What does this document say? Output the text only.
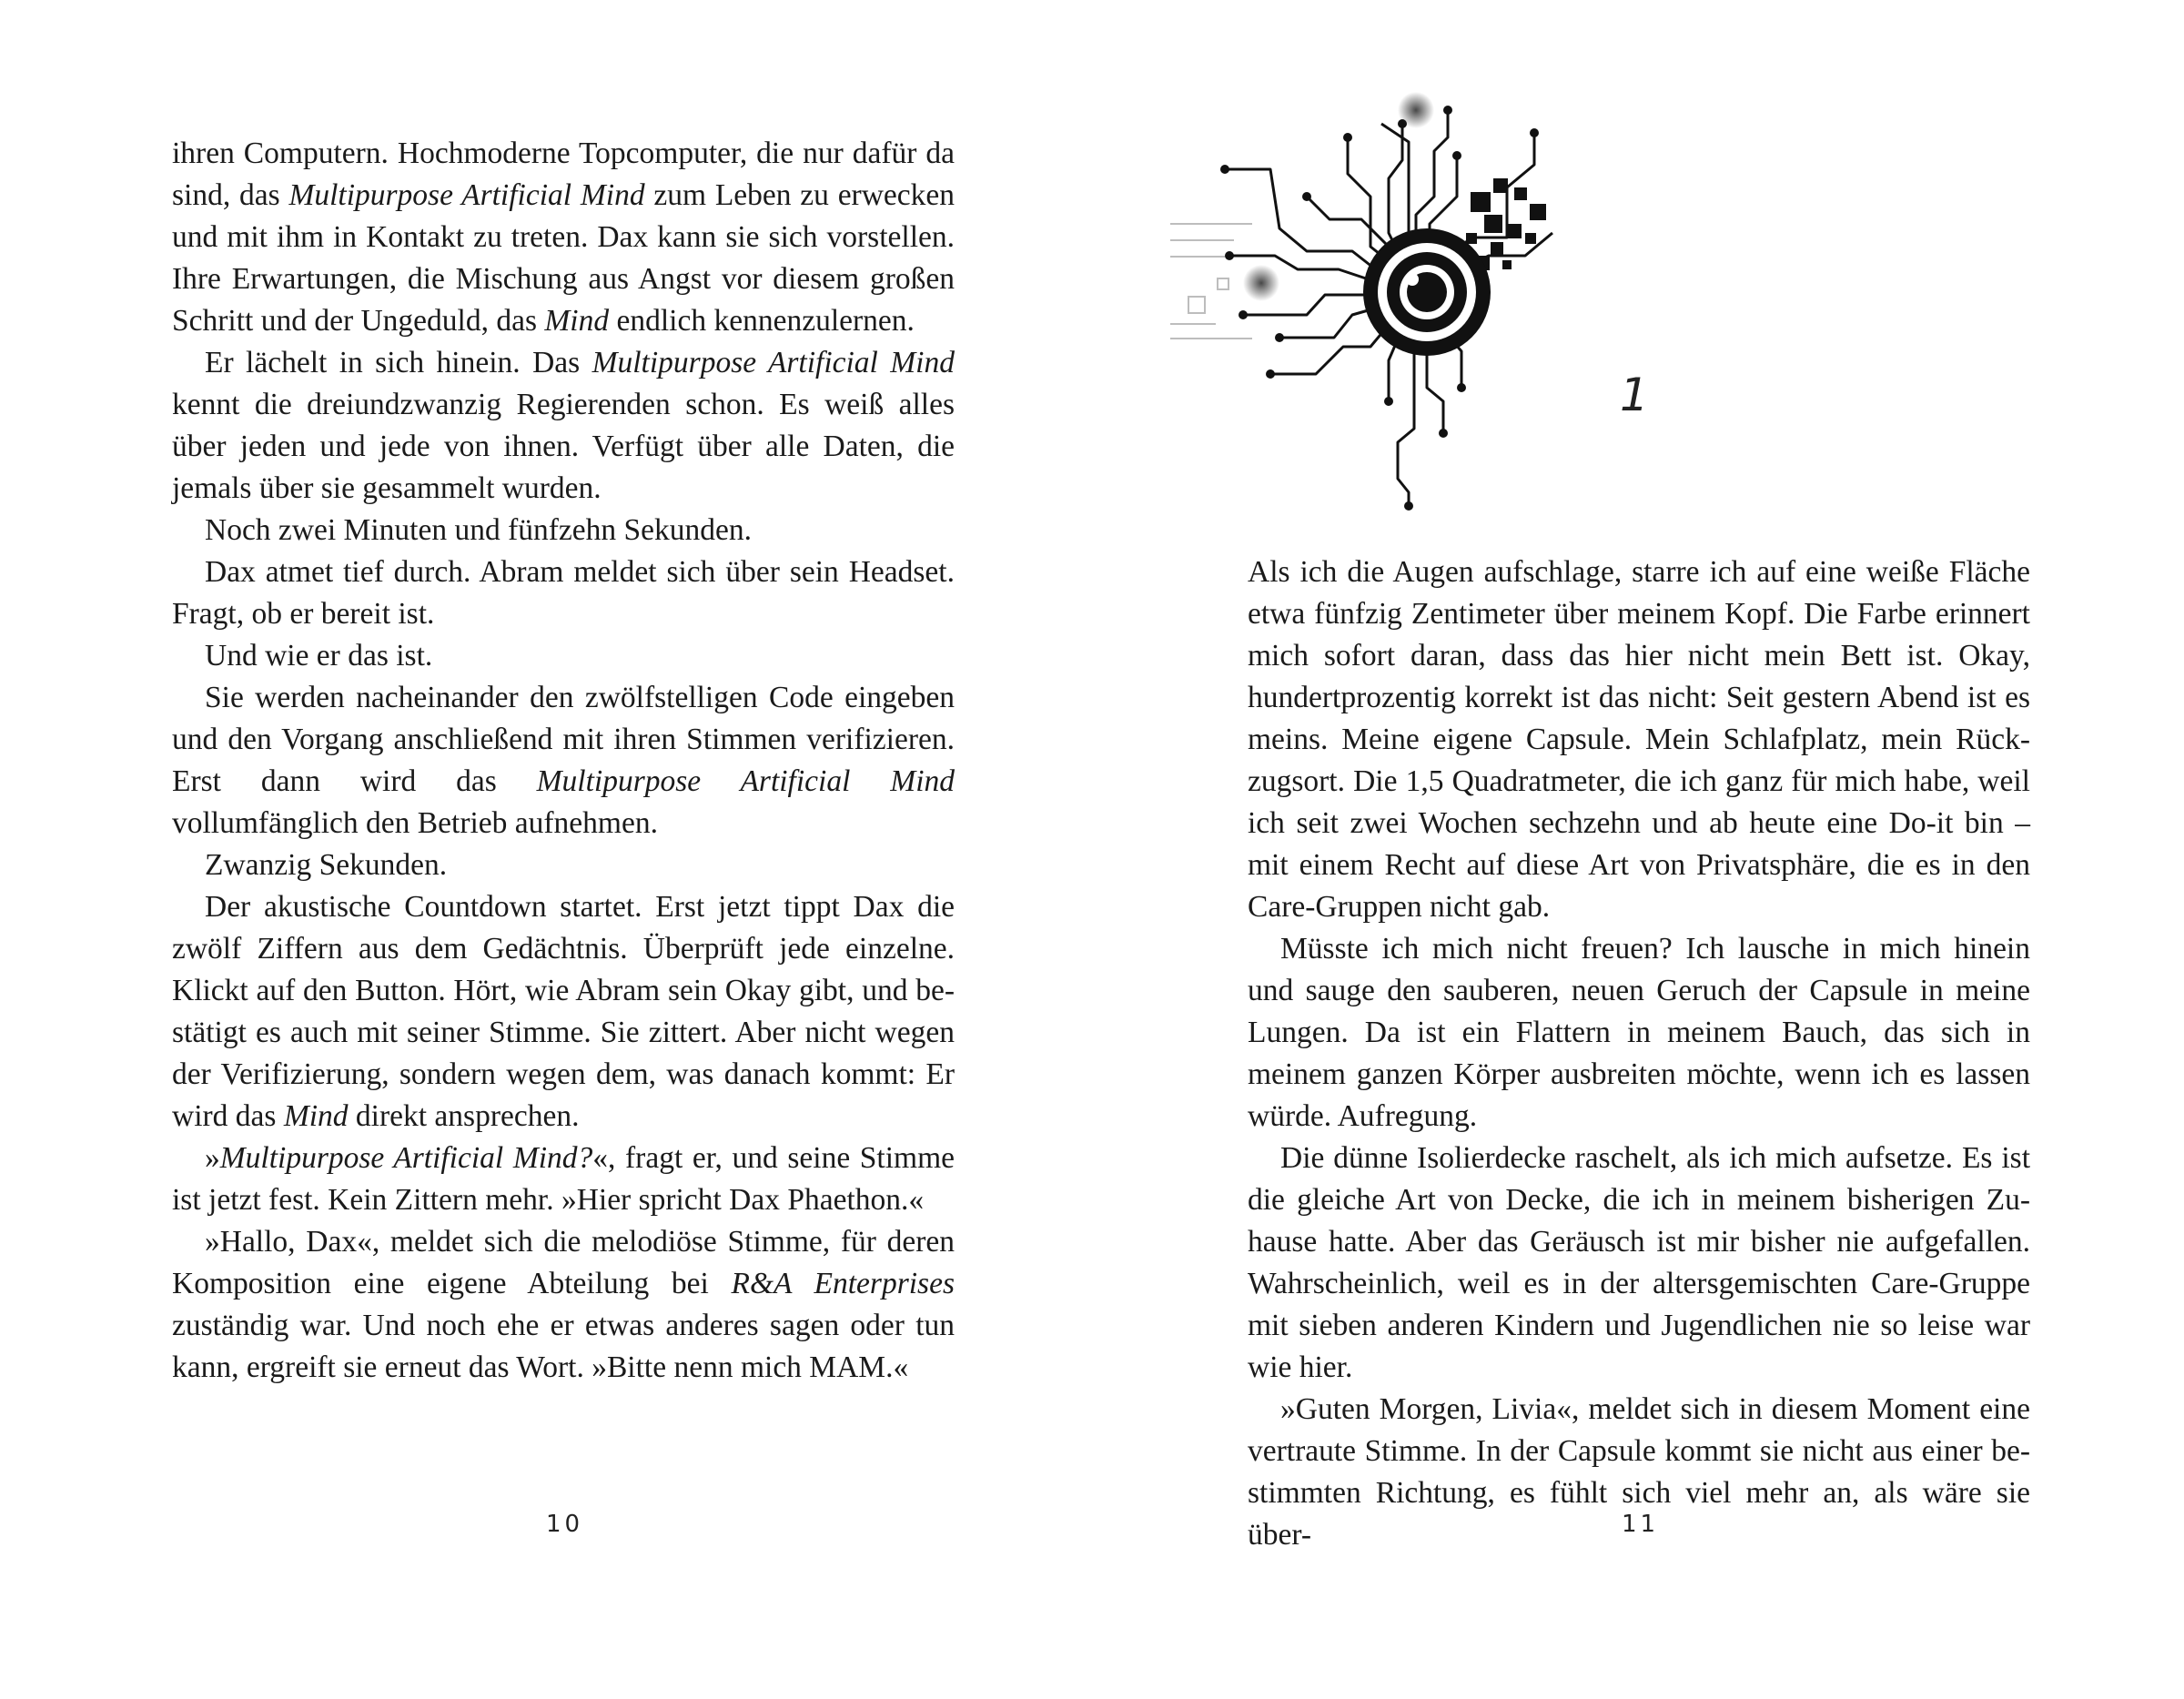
ihren Computern. Hochmoderne Topcomputer, die nur dafür da sind, das Multipurpose Artificial Mind zum Leben zu erwecken und mit ihm in Kontakt zu treten. Dax kann sie sich vorstellen. Ihre Erwartungen, die Mischung aus Angst vor diesem großen Schritt und der Ungeduld, das Mind endlich kennenzulernen.

Er lächelt in sich hinein. Das Multipurpose Artificial Mind kennt die dreiundzwanzig Regierenden schon. Es weiß alles über jeden und jede von ihnen. Verfügt über alle Daten, die jemals über sie gesammelt wurden.

Noch zwei Minuten und fünfzehn Sekunden.

Dax atmet tief durch. Abram meldet sich über sein Headset. Fragt, ob er bereit ist.

Und wie er das ist.

Sie werden nacheinander den zwölfstelligen Code eingeben und den Vorgang anschließend mit ihren Stimmen verifizieren. Erst dann wird das Multipurpose Artificial Mind vollumfänglich den Betrieb aufnehmen.

Zwanzig Sekunden.

Der akustische Countdown startet. Erst jetzt tippt Dax die zwölf Ziffern aus dem Gedächtnis. Überprüft jede einzelne. Klickt auf den Button. Hört, wie Abram sein Okay gibt, und bestätigt es auch mit seiner Stimme. Sie zittert. Aber nicht wegen der Verifizierung, sondern wegen dem, was danach kommt: Er wird das Mind direkt ansprechen.

»Multipurpose Artificial Mind?«, fragt er, und seine Stimme ist jetzt fest. Kein Zittern mehr. »Hier spricht Dax Phaethon.«

»Hallo, Dax«, meldet sich die melodiöse Stimme, für deren Komposition eine eigene Abteilung bei R&A Enterprises zuständig war. Und noch ehe er etwas anderes sagen oder tun kann, ergreift sie erneut das Wort. »Bitte nenn mich MAM.«

10
1

Als ich die Augen aufschlage, starre ich auf eine weiße Fläche etwa fünfzig Zentimeter über meinem Kopf. Die Farbe erinnert mich sofort daran, dass das hier nicht mein Bett ist. Okay, hundertprozentig korrekt ist das nicht: Seit gestern Abend ist es meins. Meine eigene Capsule. Mein Schlafplatz, mein Rückzugsort. Die 1,5 Quadratmeter, die ich ganz für mich habe, weil ich seit zwei Wochen sechzehn und ab heute eine Do-it bin – mit einem Recht auf diese Art von Privatsphäre, die es in den Care-Gruppen nicht gab.

Müsste ich mich nicht freuen? Ich lausche in mich hinein und sauge den sauberen, neuen Geruch der Capsule in meine Lungen. Da ist ein Flattern in meinem Bauch, das sich in meinem ganzen Körper ausbreiten möchte, wenn ich es lassen würde. Aufregung.

Die dünne Isolierdecke raschelt, als ich mich aufsetze. Es ist die gleiche Art von Decke, die ich in meinem bisherigen Zuhause hatte. Aber das Geräusch ist mir bisher nie aufgefallen. Wahrscheinlich, weil es in der altersgemischten Care-Gruppe mit sieben anderen Kindern und Jugendlichen nie so leise war wie hier.

»Guten Morgen, Livia«, meldet sich in diesem Moment eine vertraute Stimme. In der Capsule kommt sie nicht aus einer bestimmten Richtung, es fühlt sich viel mehr an, als wäre sie über-	11
